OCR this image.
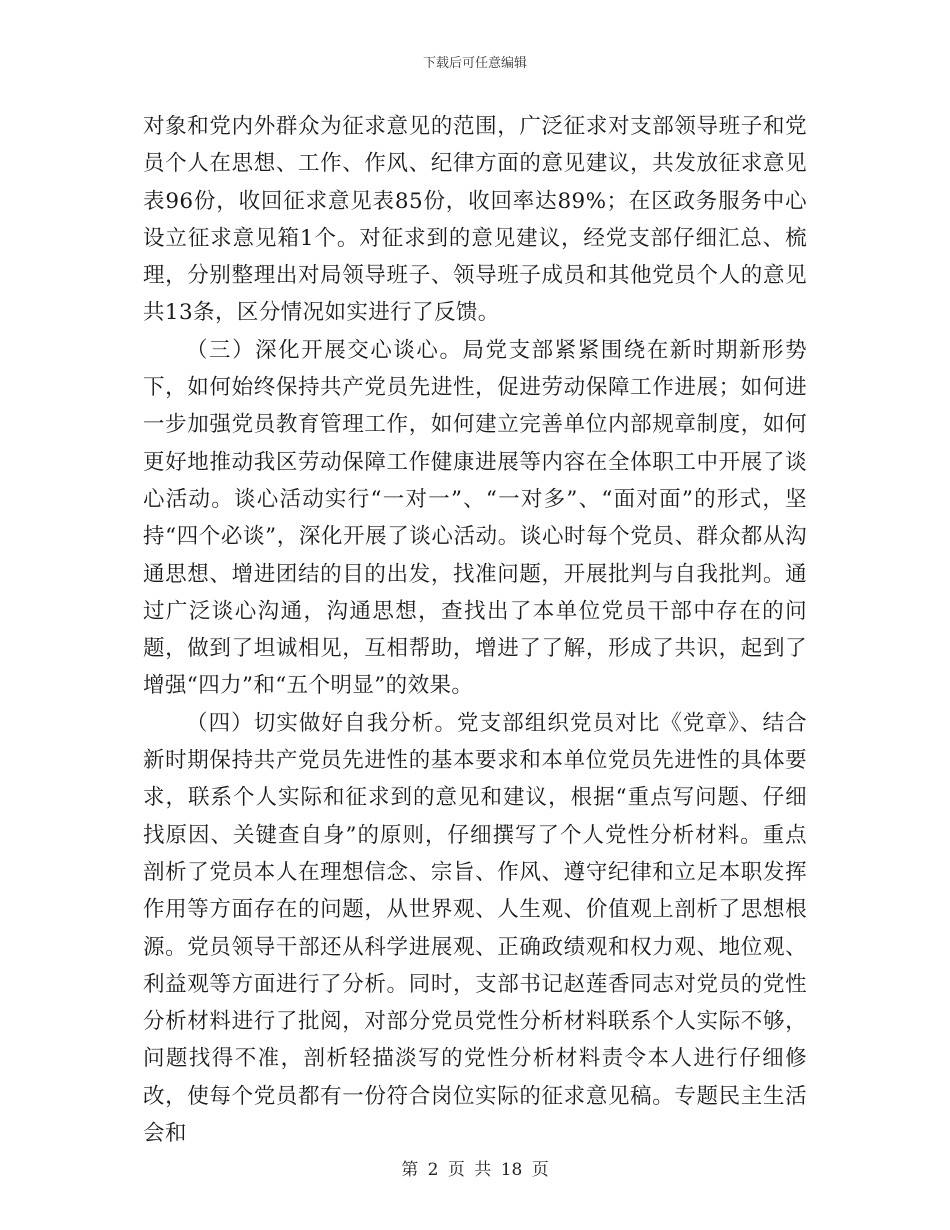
下载后可任意编辑

对象和党内外群众为征求意见的范围，广泛征求对支部领导班子和党员个人在思想、工作、作风、纪律方面的意见建议，共发放征求意见表96份，收回征求意见表85份，收回率达89%；在区政务服务中心设立征求意见箱1个。对征求到的意见建议，经党支部仔细汇总、梳理，分别整理出对局领导班子、领导班子成员和其他党员个人的意见共13条，区分情况如实进行了反馈。

（三）深化开展交心谈心。局党支部紧紧围绕在新时期新形势下，如何始终保持共产党员先进性，促进劳动保障工作进展；如何进一步加强党员教育管理工作，如何建立完善单位内部规章制度，如何更好地推动我区劳动保障工作健康进展等内容在全体职工中开展了谈心活动。谈心活动实行“一对一”、“一对多”、“面对面”的形式，坚持“四个必谈”，深化开展了谈心活动。谈心时每个党员、群众都从沟通思想、增进团结的目的出发，找准问题，开展批判与自我批判。通过广泛谈心沟通，沟通思想，查找出了本单位党员干部中存在的问题，做到了坦诚相见，互相帮助，增进了了解，形成了共识，起到了增强“四力”和“五个明显”的效果。

（四）切实做好自我分析。党支部组织党员对比《党章》、结合新时期保持共产党员先进性的基本要求和本单位党员先进性的具体要求，联系个人实际和征求到的意见和建议，根据“重点写问题、仔细找原因、关键查自身”的原则，仔细撰写了个人党性分析材料。重点剖析了党员本人在理想信念、宗旨、作风、遵守纪律和立足本职发挥作用等方面存在的问题，从世界观、人生观、价值观上剖析了思想根源。党员领导干部还从科学进展观、正确政绩观和权力观、地位观、利益观等方面进行了分析。同时，支部书记赵莲香同志对党员的党性分析材料进行了批阅，对部分党员党性分析材料联系个人实际不够，问题找得不准，剖析轻描淡写的党性分析材料责令本人进行仔细修改，使每个党员都有一份符合岗位实际的征求意见稿。专题民主生活会和

第 2 页 共 18 页
